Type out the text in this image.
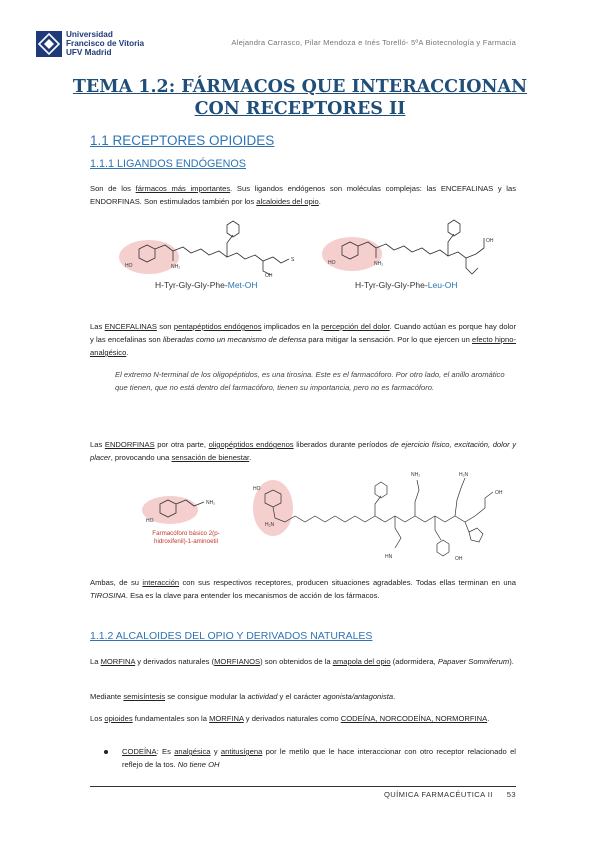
Universidad
Francisco de Vitoria
UFV Madrid
Alejandra Carrasco, Pilar Mendoza e Inés Torelló- 5ºA Biotecnología y Farmacia
TEMA 1.2: FÁRMACOS QUE INTERACCIONAN
CON RECEPTORES II
1.1 RECEPTORES OPIOIDES
1.1.1 LIGANDOS ENDÓGENOS
Son de los fármacos más importantes. Sus ligandos endógenos son moléculas complejas: las ENCEFALINAS y las ENDORFINAS. Son estimulados también por los alcaloides del opio.
HO	NH₂
OH
S
H-Tyr-Gly-Gly-Phe-Met-OH
HO	NH₂
OH
H-Tyr-Gly-Gly-Phe-Leu-OH
Las ENCEFALINAS son pentapéptidos endógenos implicados en la percepción del dolor. Cuando actúan es porque hay dolor y las encefalinas son liberadas como un mecanismo de defensa para mitigar la sensación. Por lo que ejercen un efecto hipno-analgésico.
El extremo N-terminal de los oligopéptidos, es una tirosina. Este es el farmacóforo. Por otro lado, el anillo aromático que tienen, que no está dentro del farmacóforo, tienen su importancia, pero no es farmacóforo.
Las ENDORFINAS por otra parte, oligopéptidos endógenos liberados durante períodos de ejercicio físico, excitación, dolor y placer, provocando una sensación de bienestar.
HO
NH₂
Farmacóforo básico 2(p-hidroxifenil)-1-aminoetil
HO
H₂N
HN	OH
NH₂	H₂N
OH
Ambas, de su interacción con sus respectivos receptores, producen situaciones agradables. Todas ellas terminan en una TIROSINA. Esa es la clave para entender los mecanismos de acción de los fármacos.
1.1.2 ALCALOIDES DEL OPIO Y DERIVADOS NATURALES
La MORFINA y derivados naturales (MORFIANOS) son obtenidos de la amapola del opio (adormidera, Papaver Somniferum).
Mediante semisíntesis se consigue modular la actividad y el carácter agonista/antagonista.
Los opioides fundamentales son la MORFINA y derivados naturales como CODEÍNA, NORCODEÍNA, NORMORFINA.
CODEÍNA: Es analgésica y antitusígena por le metilo que le hace interaccionar con otro receptor relacionado el reflejo de la tos. No tiene OH
QUÍMICA FARMACÉUTICA II 53
